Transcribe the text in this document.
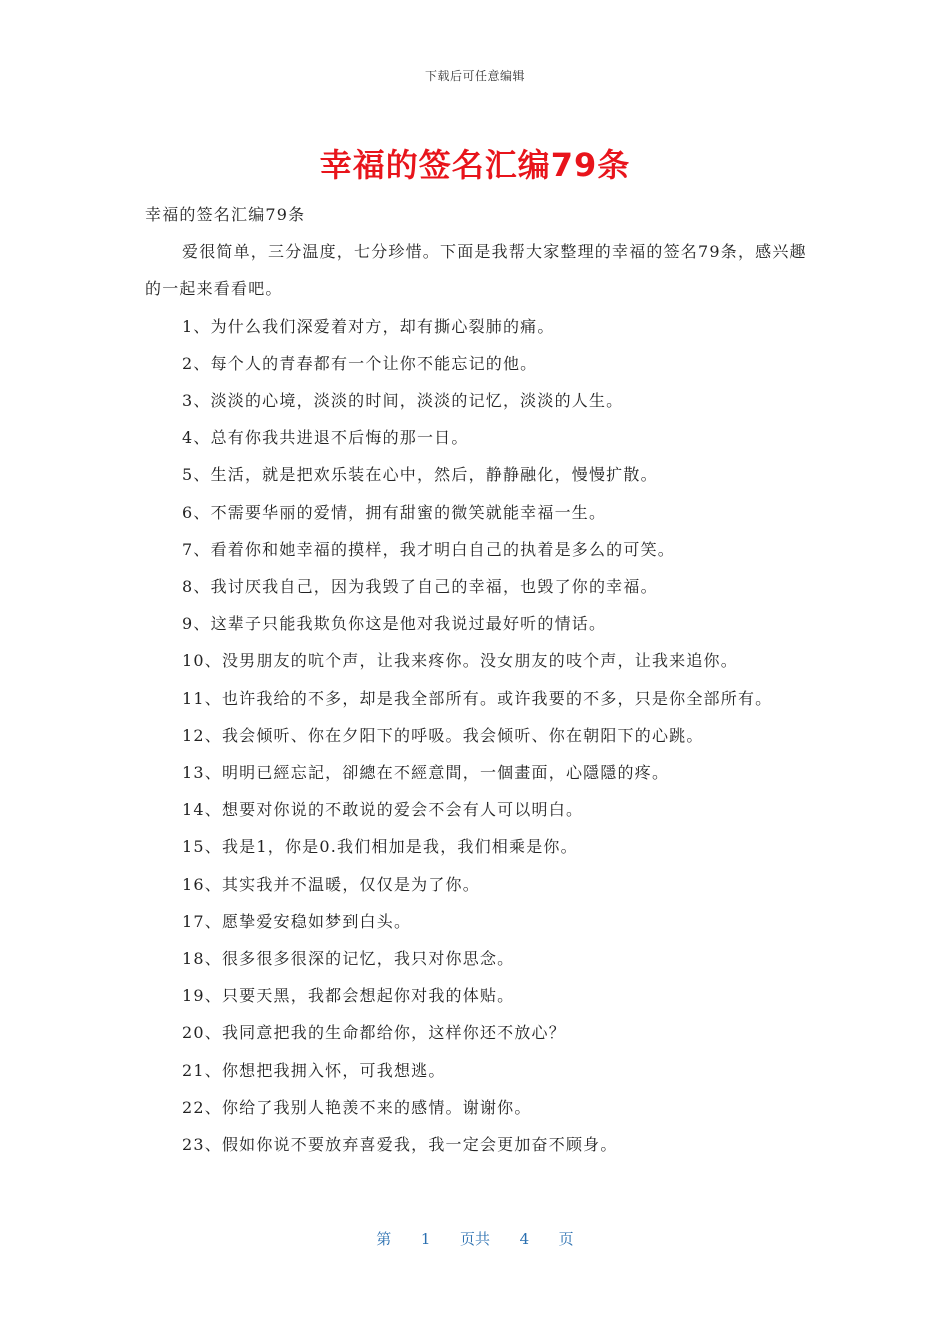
下载后可任意编辑
幸福的签名汇编79条

幸福的签名汇编79条

爱很简单，三分温度，七分珍惜。下面是我帮大家整理的幸福的签名79条，感兴趣的一起来看看吧。

1、为什么我们深爱着对方，却有撕心裂肺的痛。

2、每个人的青春都有一个让你不能忘记的他。

3、淡淡的心境，淡淡的时间，淡淡的记忆，淡淡的人生。

4、总有你我共进退不后悔的那一日。

5、生活，就是把欢乐装在心中，然后，静静融化，慢慢扩散。

6、不需要华丽的爱情，拥有甜蜜的微笑就能幸福一生。

7、看着你和她幸福的摸样，我才明白自己的执着是多么的可笑。

8、我讨厌我自己，因为我毁了自己的幸福，也毁了你的幸福。

9、这辈子只能我欺负你这是他对我说过最好听的情话。

10、没男朋友的吭个声，让我来疼你。没女朋友的吱个声，让我来追你。

11、也许我给的不多，却是我全部所有。或许我要的不多，只是你全部所有。

12、我会倾听、你在夕阳下的呼吸。我会倾听、你在朝阳下的心跳。

13、明明已經忘記，卻總在不經意間，一個畫面，心隱隱的疼。

14、想要对你说的不敢说的爱会不会有人可以明白。

15、我是1，你是0.我们相加是我，我们相乘是你。

16、其实我并不温暖，仅仅是为了你。

17、愿挚爱安稳如梦到白头。

18、很多很多很深的记忆，我只对你思念。

19、只要天黑，我都会想起你对我的体贴。

20、我同意把我的生命都给你，这样你还不放心？

21、你想把我拥入怀，可我想逃。

22、你给了我别人艳羡不来的感情。谢谢你。

23、假如你说不要放弃喜爱我，我一定会更加奋不顾身。

第 1 页共 4 页
